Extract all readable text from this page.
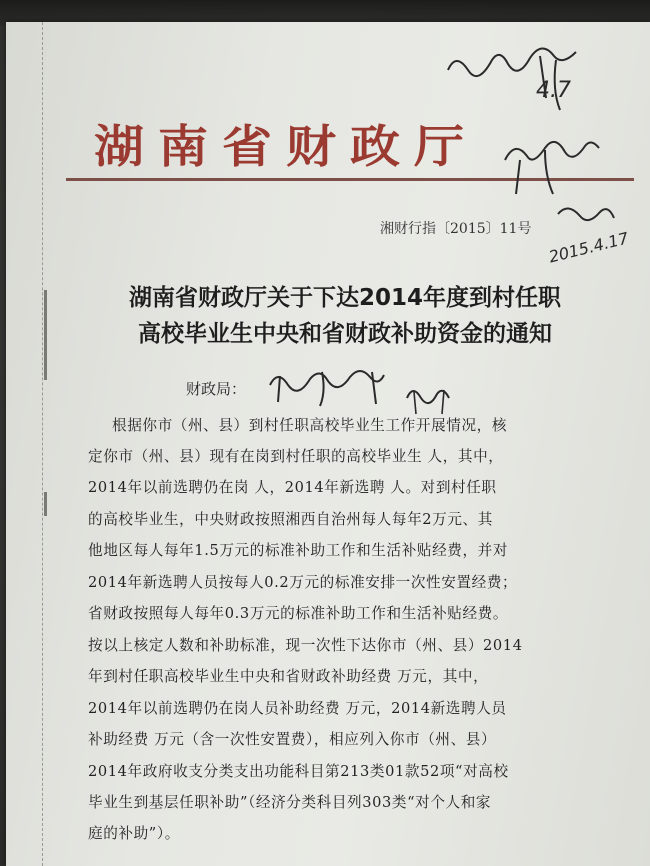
湖南省财政厅
湘财行指〔2015〕11号
湖南省财政厅关于下达2014年度到村任职
高校毕业生中央和省财政补助资金的通知
财政局：
根据你市（州、县）到村任职高校毕业生工作开展情况，核
定你市（州、县）现有在岗到村任职的高校毕业生 人，其中，
2014年以前选聘仍在岗 人，2014年新选聘 人。对到村任职
的高校毕业生，中央财政按照湘西自治州每人每年2万元、其
他地区每人每年1.5万元的标准补助工作和生活补贴经费，并对
2014年新选聘人员按每人0.2万元的标准安排一次性安置经费；
省财政按照每人每年0.3万元的标准补助工作和生活补贴经费。
按以上核定人数和补助标准，现一次性下达你市（州、县）2014
年到村任职高校毕业生中央和省财政补助经费 万元，其中，
2014年以前选聘仍在岗人员补助经费 万元，2014新选聘人员
补助经费 万元（含一次性安置费），相应列入你市（州、县）
2014年政府收支分类支出功能科目第213类01款52项“对高校
毕业生到基层任职补助”（经济分类科目列303类“对个人和家
庭的补助”）。
4.7
2015.4.17
